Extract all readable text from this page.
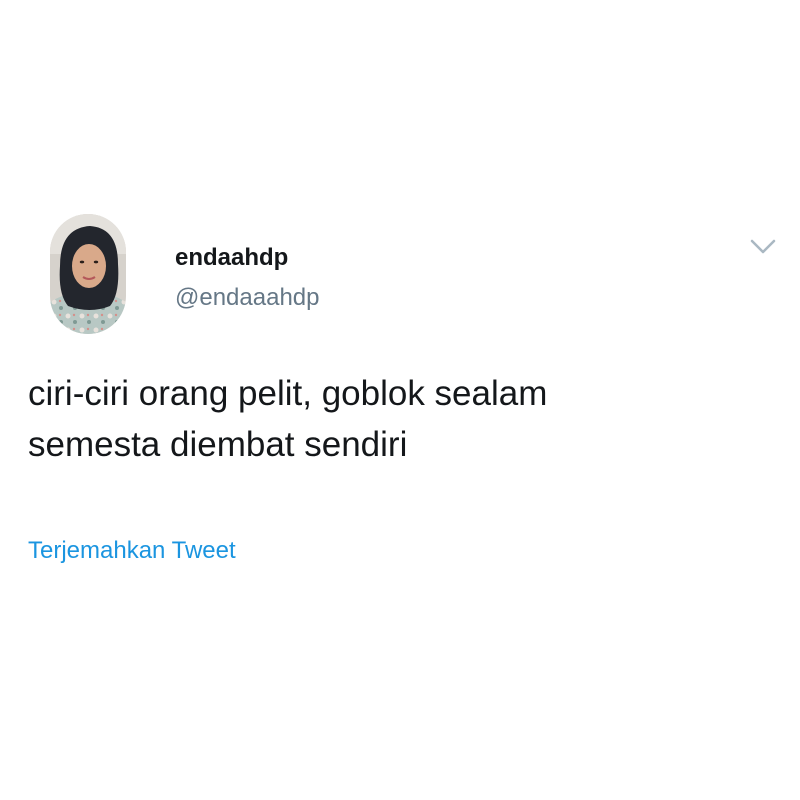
endaahdp
@endaaahdp
ciri-ciri orang pelit, goblok sealam
semesta diembat sendiri
Terjemahkan Tweet
